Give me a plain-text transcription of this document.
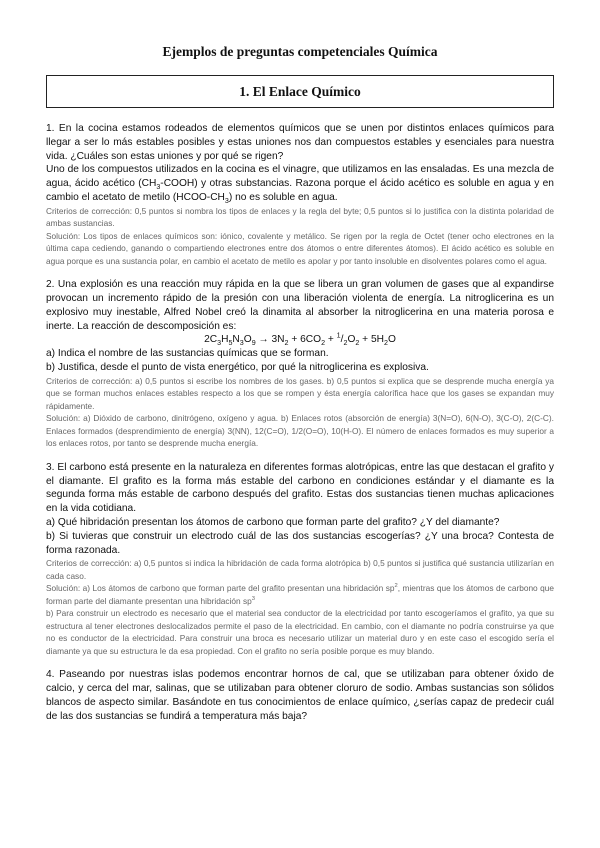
Ejemplos de preguntas competenciales Química
1. El Enlace Químico

1. En la cocina estamos rodeados de elementos químicos que se unen por distintos enlaces químicos para llegar a ser lo más estables posibles y estas uniones nos dan compuestos estables y esenciales para nuestra vida. ¿Cuáles son estas uniones y por qué se rigen?

Uno de los compuestos utilizados en la cocina es el vinagre, que utilizamos en las ensaladas. Es una mezcla de agua, ácido acético $(CH_3-COOH)$ y otras substancias. Razona porque el ácido acético es soluble en agua y en cambio el acetato de metilo $(HCOO-CH_3)$ no es soluble en agua.

Criterios de corrección: 0,5 puntos si nombra los tipos de enlaces y la regla del byte; 0,5 puntos si lo justifica con la distinta polaridad de ambas sustancias.

Solución: Los tipos de enlaces químicos son: iónico, covalente y metálico. Se rigen por la regla de Octet (tener ocho electrones en la última capa cediendo, ganando o compartiendo electrones entre dos átomos o entre diferentes átomos). El ácido acético es soluble en agua porque es una sustancia polar, en cambio el acetato de metilo es apolar y por tanto insoluble en disolventes polares como el agua.

2. Una explosión es una reacción muy rápida en la que se libera un gran volumen de gases que al expandirse provocan un incremento rápido de la presión con una liberación violenta de energía. La nitroglicerina es un explosivo muy inestable, Alfred Nobel creó la dinamita al absorber la nitroglicerina en una materia porosa e inerte. La reacción de descomposición es:

$2C_3H_5N_3O_9 \to 3N_2 + 6CO_2 + ^1/_2O_2 + 5H_2O$

a) Indica el nombre de las sustancias químicas que se forman.

b) Justifica, desde el punto de vista energético, por qué la nitroglicerina es explosiva.

Criterios de corrección: a) 0,5 puntos si escribe los nombres de los gases. b) 0,5 puntos si explica que se desprende mucha energía ya que se forman muchos enlaces estables respecto a los que se rompen y ésta energía calorífica hace que los gases se expandan muy rápidamente.

Solución: a) Dióxido de carbono, dinitrógeno, oxígeno y agua. b) Enlaces rotos (absorción de energía) 3(N=O), 6(N-O), 3(C-O), 2(C-C). Enlaces formados (desprendimiento de energía) 3(NN), 12(C=O), 1/2(O=O), 10(H-O). El número de enlaces formados es muy superior a los enlaces rotos, por tanto se desprende mucha energía.

3. El carbono está presente en la naturaleza en diferentes formas alotrópicas, entre las que destacan el grafito y el diamante. El grafito es la forma más estable del carbono en condiciones estándar y el diamante es la segunda forma más estable de carbono después del grafito. Estas dos sustancias tienen muchas aplicaciones en la vida cotidiana.

a) Qué hibridación presentan los átomos de carbono que forman parte del grafito? ¿Y del diamante?

b) Si tuvieras que construir un electrodo cuál de las dos sustancias escogerías? ¿Y una broca? Contesta de forma razonada.

Criterios de corrección: a) 0,5 puntos si indica la hibridación de cada forma alotrópica b) 0,5 puntos si justifica qué sustancia utilizarían en cada caso.

Solución: a) Los átomos de carbono que forman parte del grafito presentan una hibridación $sp^2$, mientras que los átomos de carbono que forman parte del diamante presentan una hibridación $sp^3$

b) Para construir un electrodo es necesario que el material sea conductor de la electricidad por tanto escogeríamos el grafito, ya que su estructura al tener electrones deslocalizados permite el paso de la electricidad. En cambio, con el diamante no podría construirse ya que no es conductor de la electricidad. Para construir una broca es necesario utilizar un material duro y en este caso el escogido sería el diamante ya que su estructura le da esa propiedad. Con el grafito no sería posible porque es muy blando.

4. Paseando por nuestras islas podemos encontrar hornos de cal, que se utilizaban para obtener óxido de calcio, y cerca del mar, salinas, que se utilizaban para obtener cloruro de sodio. Ambas sustancias son sólidos blancos de aspecto similar. Basándote en tus conocimientos de enlace químico, ¿serías capaz de predecir cuál de las dos sustancias se fundirá a temperatura más baja?
